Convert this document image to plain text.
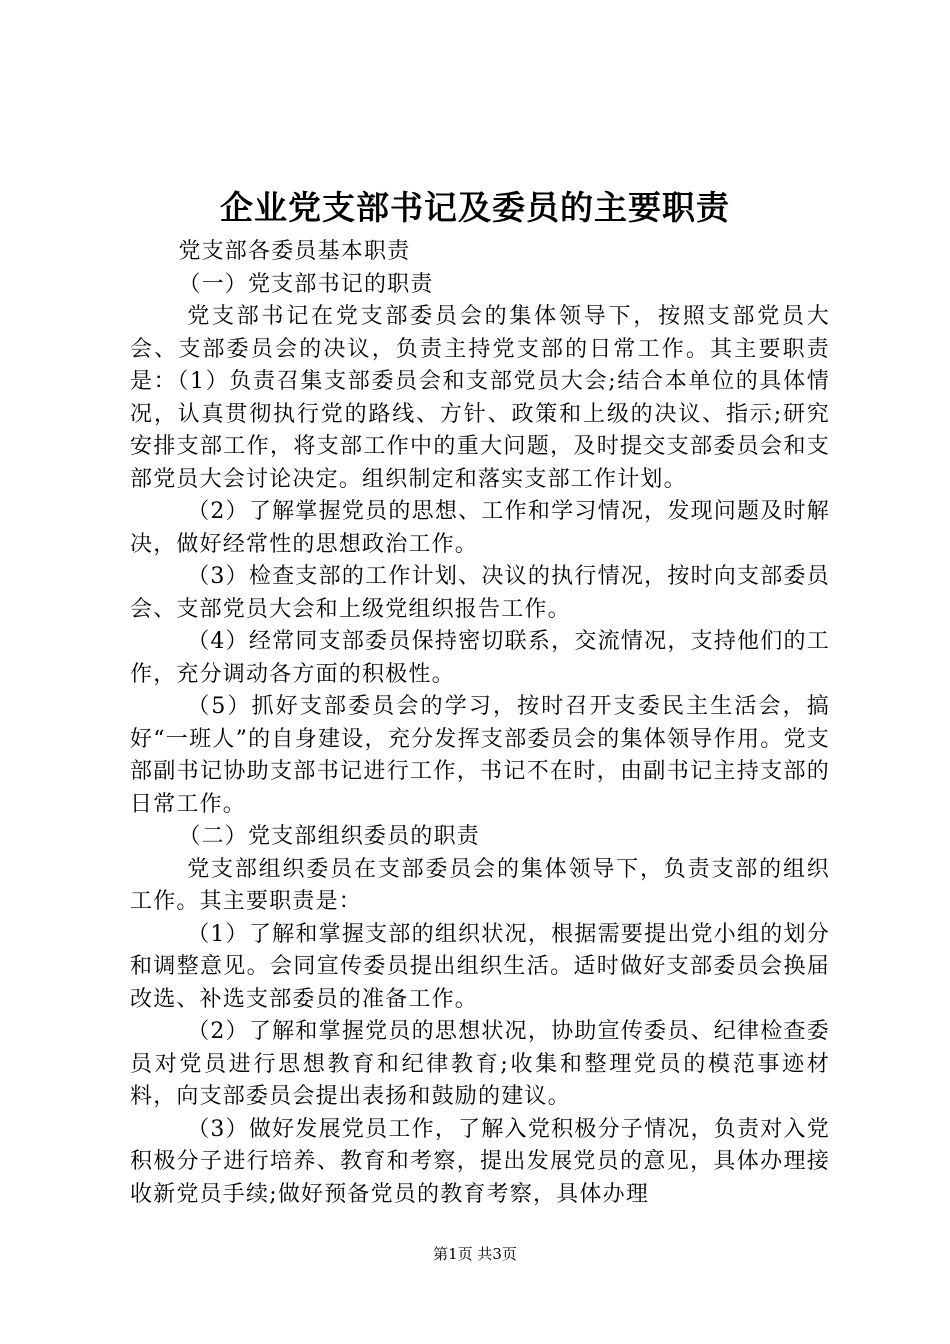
企业党支部书记及委员的主要职责

党支部各委员基本职责

（一）党支部书记的职责

党支部书记在党支部委员会的集体领导下，按照支部党员大会、支部委员会的决议，负责主持党支部的日常工作。其主要职责是：（1）负责召集支部委员会和支部党员大会;结合本单位的具体情况，认真贯彻执行党的路线、方针、政策和上级的决议、指示;研究安排支部工作，将支部工作中的重大问题，及时提交支部委员会和支部党员大会讨论决定。组织制定和落实支部工作计划。

（2）了解掌握党员的思想、工作和学习情况，发现问题及时解决，做好经常性的思想政治工作。

（3）检查支部的工作计划、决议的执行情况，按时向支部委员会、支部党员大会和上级党组织报告工作。

（4）经常同支部委员保持密切联系，交流情况，支持他们的工作，充分调动各方面的积极性。

（5）抓好支部委员会的学习，按时召开支委民主生活会，搞好“一班人”的自身建设，充分发挥支部委员会的集体领导作用。党支部副书记协助支部书记进行工作，书记不在时，由副书记主持支部的日常工作。

（二）党支部组织委员的职责

党支部组织委员在支部委员会的集体领导下，负责支部的组织工作。其主要职责是：

（1）了解和掌握支部的组织状况，根据需要提出党小组的划分和调整意见。会同宣传委员提出组织生活。适时做好支部委员会换届改选、补选支部委员的准备工作。

（2）了解和掌握党员的思想状况，协助宣传委员、纪律检查委员对党员进行思想教育和纪律教育;收集和整理党员的模范事迹材料，向支部委员会提出表扬和鼓励的建议。

（3）做好发展党员工作，了解入党积极分子情况，负责对入党积极分子进行培养、教育和考察，提出发展党员的意见，具体办理接收新党员手续;做好预备党员的教育考察，具体办理

第1页 共3页
